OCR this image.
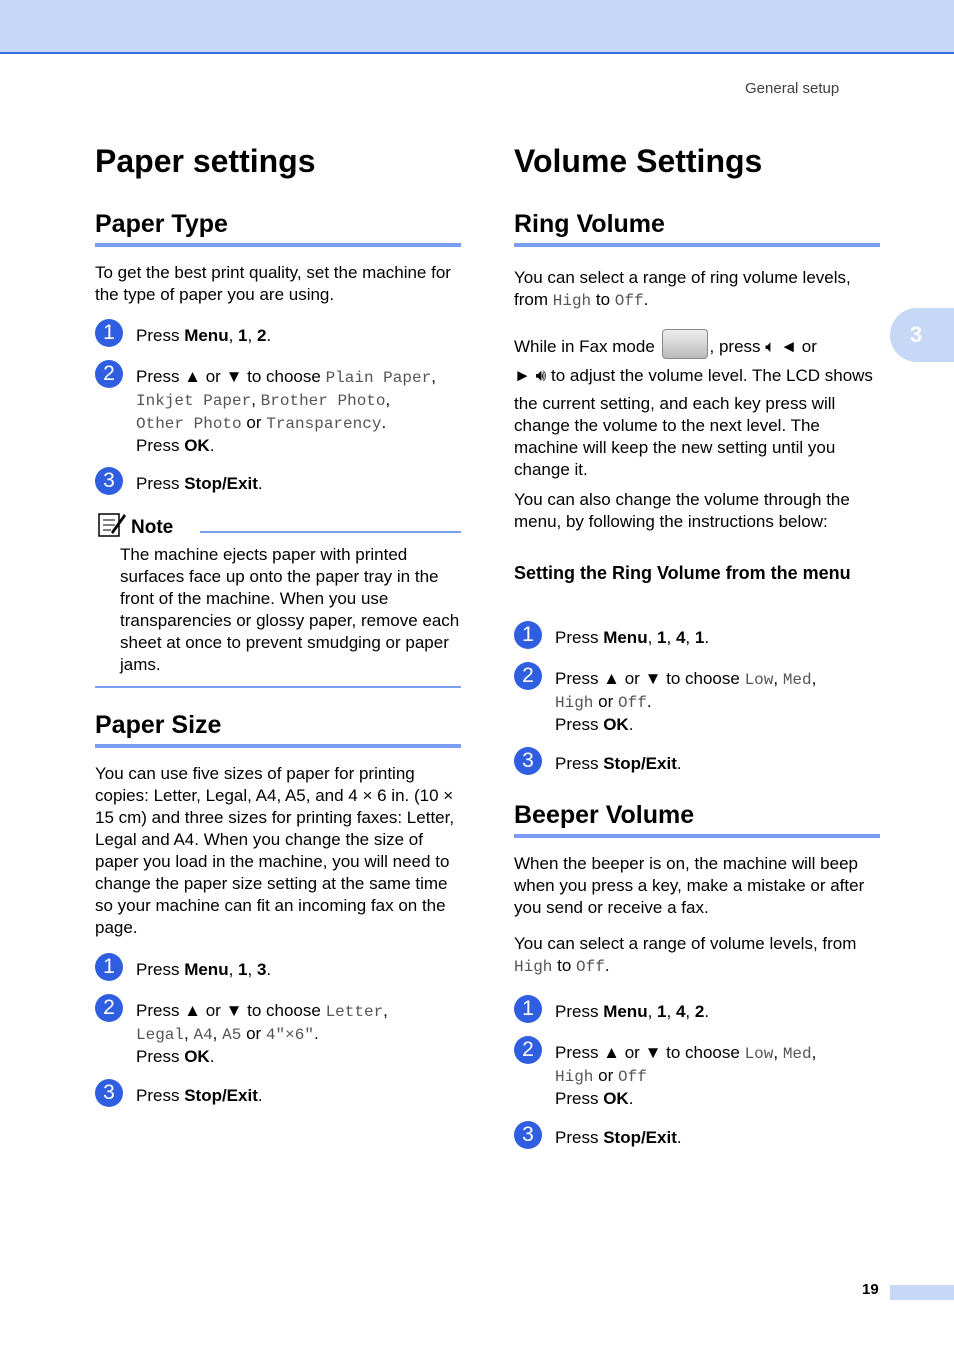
General setup
3
Paper settings
Paper Type
To get the best print quality, set the machine for the type of paper you are using.
1	Press Menu, 1, 2.
2	Press ▲ or ▼ to choose Plain Paper, Inkjet Paper, Brother Photo,
Other Photo or Transparency.
Press OK.
3	Press Stop/Exit.
Note
The machine ejects paper with printed surfaces face up onto the paper tray in the front of the machine. When you use transparencies or glossy paper, remove each sheet at once to prevent smudging or paper jams.
Paper Size
You can use five sizes of paper for printing copies: Letter, Legal, A4, A5, and 4 × 6 in. (10 × 15 cm) and three sizes for printing faxes: Letter, Legal and A4. When you change the size of paper you load in the machine, you will need to change the paper size setting at the same time so your machine can fit an incoming fax on the page.
1	Press Menu, 1, 3.
2	Press ▲ or ▼ to choose Letter,
Legal, A4, A5 or 4"×6".
Press OK.
3	Press Stop/Exit.
Volume Settings
Ring Volume
You can select a range of ring volume levels, from High to Off.
While in Fax mode	, press 🔈︎ ◄ or
► 🔊︎ to adjust the volume level. The LCD shows the current setting, and each key press will change the volume to the next level. The machine will keep the new setting until you change it.
You can also change the volume through the menu, by following the instructions below:
Setting the Ring Volume from the menu
1	Press Menu, 1, 4, 1.
2	Press ▲ or ▼ to choose Low, Med,
High or Off.
Press OK.
3	Press Stop/Exit.
Beeper Volume
When the beeper is on, the machine will beep when you press a key, make a mistake or after you send or receive a fax.
You can select a range of volume levels, from High to Off.
1	Press Menu, 1, 4, 2.
2	Press ▲ or ▼ to choose Low, Med,
High or Off
Press OK.
3	Press Stop/Exit.
19
